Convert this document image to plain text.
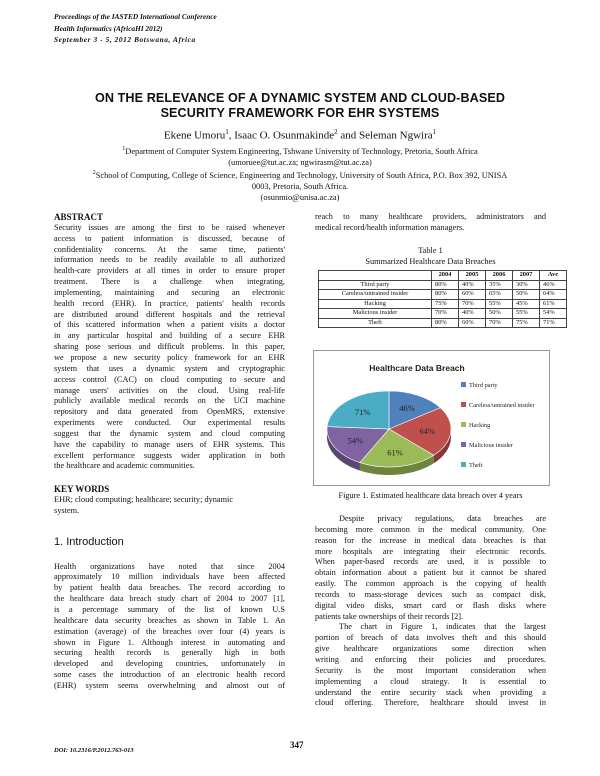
Proceedings of the IASTED International Conference
Health Informatics (AfricaHI 2012)
September 3 - 5, 2012 Botswana, Africa
ON THE RELEVANCE OF A DYNAMIC SYSTEM AND CLOUD-BASED
SECURITY FRAMEWORK FOR EHR SYSTEMS
Ekene Umoru$^1$, Isaac O. Osunmakinde$^2$ and Seleman Ngwira$^1$
$^1$Department of Computer System Engineering, Tshwane University of Technology, Pretoria, South Africa
(umoruee@tut.ac.za; ngwirasm@tut.ac.za)
$^2$School of Computing, College of Science, Engineering and Technology, University of South Africa, P.O. Box 392, UNISA
0003, Pretoria, South Africa.
(osunmio@unisa.ac.za)
ABSTRACT
Security issues are among the first to be raised whenever
access to patient information is discussed, because of
confidentiality concerns. At the same time, patients'
information needs to be readily available to all authorized
health-care providers at all times in order to ensure proper
treatment. There is a challenge when integrating,
implementing, maintaining and securing an electronic
health record (EHR). In practice, patients' health records
are distributed around different hospitals and the retrieval
of this scattered information when a patient visits a doctor
in any particular hospital and building of a secure EHR
sharing pose serious and difficult problems. In this paper,
we propose a new security policy framework for an EHR
system that uses a dynamic system and cryptographic
access control (CAC) on cloud computing to secure and
manage users' activities on the cloud. Using real-life
publicly available medical records on the UCI machine
repository and data generated from OpenMRS, extensive
experiments were conducted. Our experimental results
suggest that the dynamic system and cloud computing
have the capability to manage users of EHR systems. This
excellent performance suggests wider application in both
the healthcare and academic communities.
KEY WORDS
EHR; cloud computing; healthcare; security; dynamic
system.
1. Introduction
Health organizations have noted that since 2004
approximately 10 million individuals have been affected
by patient health data breaches. The record according to
the healthcare data breach study chart of 2004 to 2007 [1],
is a percentage summary of the list of known U.S
healthcare data security breaches as shown in Table 1. An
estimation (average) of the breaches over four (4) years is
shown in Figure 1. Although interest in automating and
securing health records is generally high in both
developed and developing countries, unfortunately in
some cases the introduction of an electronic health record
(EHR) system seems overwhelming and almost out of
reach to many healthcare providers, administrators and
medical record/health information managers.
Table 1
Summarized Healthcare Data Breaches
	2004	2005	2006	2007	Ave
Third party	80%	40%	35%	30%	46%
Careless/untrained insider	80%	60%	65%	50%	64%
Hacking	75%	70%	55%	45%	61%
Malicious insider	70%	40%	50%	55%	54%
Theft	80%	60%	70%	75%	71%
Healthcare Data Breach
46%
64%
61%
54%
71%
Third party
Careless/untrained insider
Hacking
Malicious insider
Theft
Figure 1. Estimated healthcare data breach over 4 years
Despite privacy regulations, data breaches are
becoming more common in the medical community. One
reason for the increase in medical data breaches is that
more hospitals are integrating their electronic records.
When paper-based records are used, it is possible to
obtain information about a patient but it cannot be shared
easily. The common approach is the copying of health
records to mass-storage devices such as compact disk,
digital video disks, smart card or flash disks where
patients take ownerships of their records [2].
The chart in Figure 1, indicates that the largest
portion of breach of data involves theft and this should
give healthcare organizations some direction when
writing and enforcing their policies and procedures.
Security is the most important consideration when
implementing a cloud strategy. It is essential to
understand the entire security stack when providing a
cloud offering. Therefore, healthcare should invest in
DOI: 10.2316/P.2012.763-013
347
